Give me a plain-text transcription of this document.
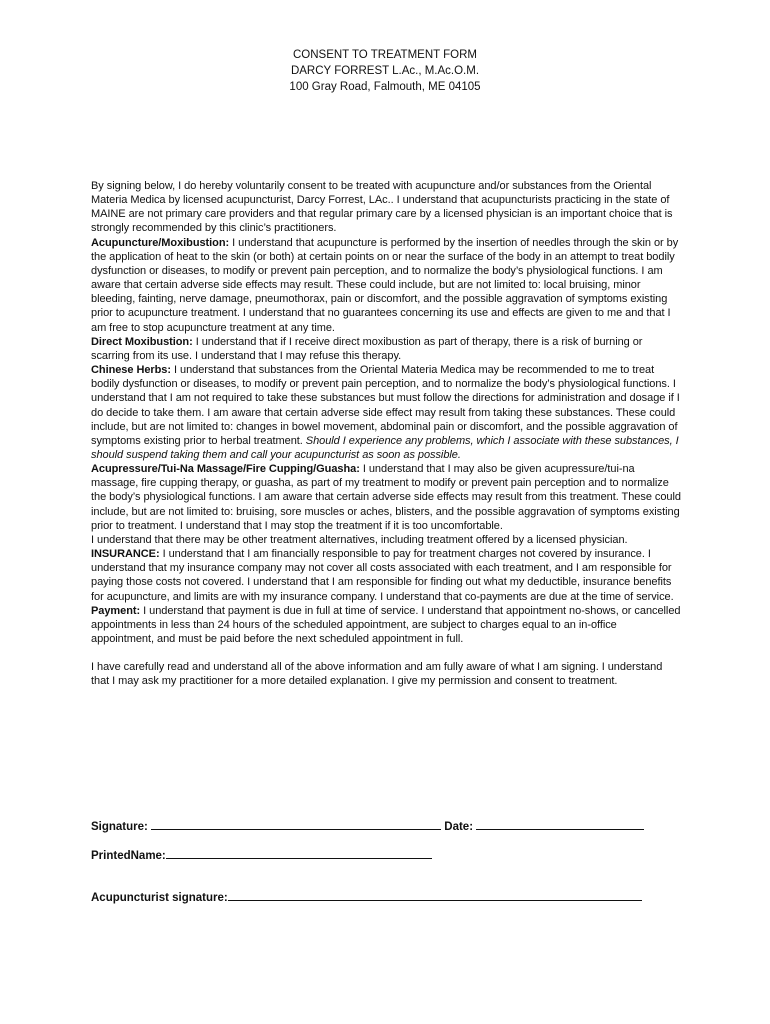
CONSENT TO TREATMENT FORM
DARCY FORREST L.Ac., M.Ac.O.M.
100 Gray Road, Falmouth, ME 04105

By signing below, I do hereby voluntarily consent to be treated with acupuncture and/or substances from the Oriental Materia Medica by licensed acupuncturist, Darcy Forrest, LAc.. I understand that acupuncturists practicing in the state of MAINE are not primary care providers and that regular primary care by a licensed physician is an important choice that is strongly recommended by this clinic’s practitioners.

Acupuncture/Moxibustion: I understand that acupuncture is performed by the insertion of needles through the skin or by the application of heat to the skin (or both) at certain points on or near the surface of the body in an attempt to treat bodily dysfunction or diseases, to modify or prevent pain perception, and to normalize the body’s physiological functions. I am aware that certain adverse side effects may result. These could include, but are not limited to: local bruising, minor bleeding, fainting, nerve damage, pneumothorax, pain or discomfort, and the possible aggravation of symptoms existing prior to acupuncture treatment. I understand that no guarantees concerning its use and effects are given to me and that I am free to stop acupuncture treatment at any time.

Direct Moxibustion: I understand that if I receive direct moxibustion as part of therapy, there is a risk of burning or scarring from its use. I understand that I may refuse this therapy.

Chinese Herbs: I understand that substances from the Oriental Materia Medica may be recommended to me to treat bodily dysfunction or diseases, to modify or prevent pain perception, and to normalize the body’s physiological functions. I understand that I am not required to take these substances but must follow the directions for administration and dosage if I do decide to take them. I am aware that certain adverse side effect may result from taking these substances. These could include, but are not limited to: changes in bowel movement, abdominal pain or discomfort, and the possible aggravation of symptoms existing prior to herbal treatment. Should I experience any problems, which I associate with these substances, I should suspend taking them and call your acupuncturist as soon as possible.

Acupressure/Tui-Na Massage/Fire Cupping/Guasha: I understand that I may also be given acupressure/tui-na massage, fire cupping therapy, or guasha, as part of my treatment to modify or prevent pain perception and to normalize the body’s physiological functions. I am aware that certain adverse side effects may result from this treatment. These could include, but are not limited to: bruising, sore muscles or aches, blisters, and the possible aggravation of symptoms existing prior to treatment. I understand that I may stop the treatment if it is too uncomfortable.

I understand that there may be other treatment alternatives, including treatment offered by a licensed physician.

INSURANCE: I understand that I am financially responsible to pay for treatment charges not covered by insurance. I understand that my insurance company may not cover all costs associated with each treatment, and I am responsible for paying those costs not covered. I understand that I am responsible for finding out what my deductible, insurance benefits for acupuncture, and limits are with my insurance company. I understand that co-payments are due at the time of service.

Payment: I understand that payment is due in full at time of service. I understand that appointment no-shows, or cancelled appointments in less than 24 hours of the scheduled appointment, are subject to charges equal to an in-office appointment, and must be paid before the next scheduled appointment in full.

I have carefully read and understand all of the above information and am fully aware of what I am signing. I understand that I may ask my practitioner for a more detailed explanation. I give my permission and consent to treatment.

Signature:	Date:
PrintedName:
Acupuncturist signature:
